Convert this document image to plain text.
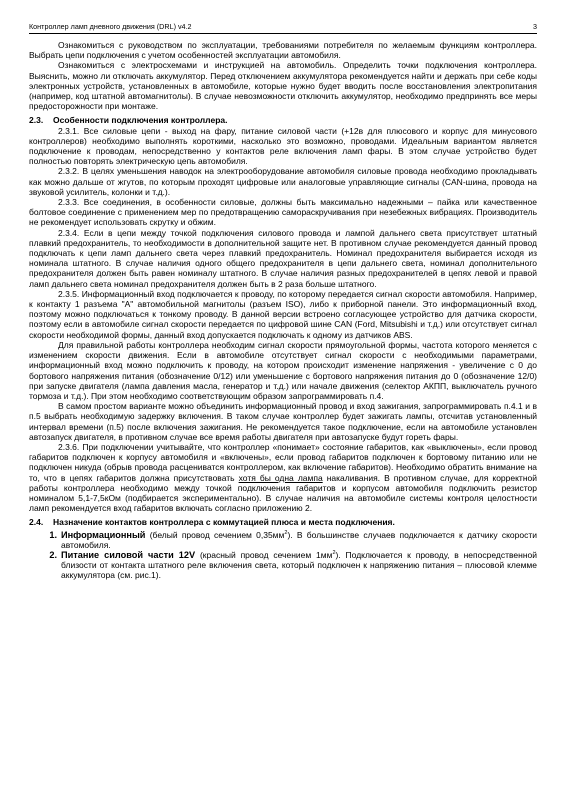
Контроллер ламп дневного движения (DRL) v4.2	3

Ознакомиться с руководством по эксплуатации, требованиями потребителя по желаемым функциям контроллера. Выбрать цепи подключения с учетом особенностей эксплуатации автомобиля.

Ознакомиться с электросхемами и инструкцией на автомобиль. Определить точки подключения контроллера. Выяснить, можно ли отключать аккумулятор. Перед отключением аккумулятора рекомендуется найти и держать при себе коды электронных устройств, установленных в автомобиле, которые нужно будет вводить после восстановления электропитания (например, код штатной автомагнитолы). В случае невозможности отключить аккумулятор, необходимо предпринять все меры предосторожности при монтаже.

2.3. Особенности подключения контроллера.

2.3.1. Все силовые цепи - выход на фару, питание силовой части (+12в для плюсового и корпус для минусового контроллеров) необходимо выполнять короткими, насколько это возможно, проводами. Идеальным вариантом является подключение к проводам, непосредственно у контактов реле включения ламп фары. В этом случае устройство будет полностью повторять электрическую цепь автомобиля.

2.3.2. В целях уменьшения наводок на электрооборудование автомобиля силовые провода необходимо прокладывать как можно дальше от жгутов, по которым проходят цифровые или аналоговые управляющие сигналы (CAN-шина, провода на звуковой усилитель, колонки и т.д.).

2.3.3. Все соединения, в особенности силовые, должны быть максимально надежными – пайка или качественное болтовое соединение с применением мер по предотвращению самораскручивания при незебежных вибрациях. Производитель не рекомендует использовать скрутку и обжим.

2.3.4. Если в цепи между точкой подключения силового провода и лампой дальнего света присутствует штатный плавкий предохранитель, то необходимости в дополнительной защите нет. В противном случае рекомендуется данный провод подключать к цепи ламп дальнего света через плавкий предохранитель. Номинал предохранителя выбирается исходя из номинала штатного. В случае наличия одного общего предохранителя в цепи дальнего света, номинал дополнительного предохранителя должен быть равен номиналу штатного. В случае наличия разных предохранителей в цепях левой и правой ламп дальнего света номинал предохранителя должен быть в 2 раза больше штатного.

2.3.5. Информационный вход подключается к проводу, по которому передается сигнал скорости автомобиля. Например, к контакту 1 разъема "А" автомобильной магнитолы (разъем ISO), либо к приборной панели. Это информационный вход, поэтому можно подключаться к тонкому проводу. В данной версии встроено согласующее устройство для датчика скорости, поэтому если в автомобиле сигнал скорости передается по цифровой шине CAN (Ford, Mitsubishi и т.д.) или отсутствует сигнал скорости необходимой формы, данный вход допускается подключать к одному из датчиков ABS.

Для правильной работы контроллера необходим сигнал скорости прямоугольной формы, частота которого меняется с изменением скорости движения. Если в автомобиле отсутствует сигнал скорости с необходимыми параметрами, информационный вход можно подключить к проводу, на котором происходит изменение напряжения - увеличение с 0 до бортового напряжения питания (обозначение 0/12) или уменьшение с бортового напряжения питания до 0 (обозначение 12/0) при запуске двигателя (лампа давления масла, генератор и т.д.) или начале движения (селектор АКПП, выключатель ручного тормоза и т.д.). При этом необходимо соответствующим образом запрограммировать п.4.

В самом простом варианте можно объединить информационный провод и вход зажигания, запрограммировать п.4.1 и в п.5 выбрать необходимую задержку включения. В таком случае контроллер будет зажигать лампы, отсчитав установленный интервал времени (п.5) после включения зажигания. Не рекомендуется такое подключение, если на автомобиле установлен автозапуск двигателя, в противном случае все время работы двигателя при автозапуске будут гореть фары.

2.3.6. При подключении учитывайте, что контроллер «понимает» состояние габаритов, как «выключены», если провод габаритов подключен к корпусу автомобиля и «включены», если провод габаритов подключен к бортовому питанию или не подключен никуда (обрыв провода расцениватся контроллером, как включение габаритов). Необходимо обратить внимание на то, что в цепях габаритов должна присутствовать хотя бы одна лампа накаливания. В противном случае, для корректной работы контроллера необходимо между точкой подключения габаритов и корпусом автомобиля подключить резистор номиналом 5,1-7,5кОм (подбирается экспериментально). В случае наличия на автомобиле системы контроля целостности ламп рекомендуется вход габаритов включать согласно приложению 2.

2.4. Назначение контактов контроллера с коммутацией плюса и места подключения.

1. Информационный (белый провод сечением $0,35мм^2$). В большинстве случаев подключается к датчику скорости автомобиля.
2. Питание силовой части 12V (красный провод сечением $1мм^2$). Подключается к проводу, в непосредственной близости от контакта штатного реле включения света, который подключен к напряжению питания – плюсовой клемме аккумулятора (см. рис.1).
